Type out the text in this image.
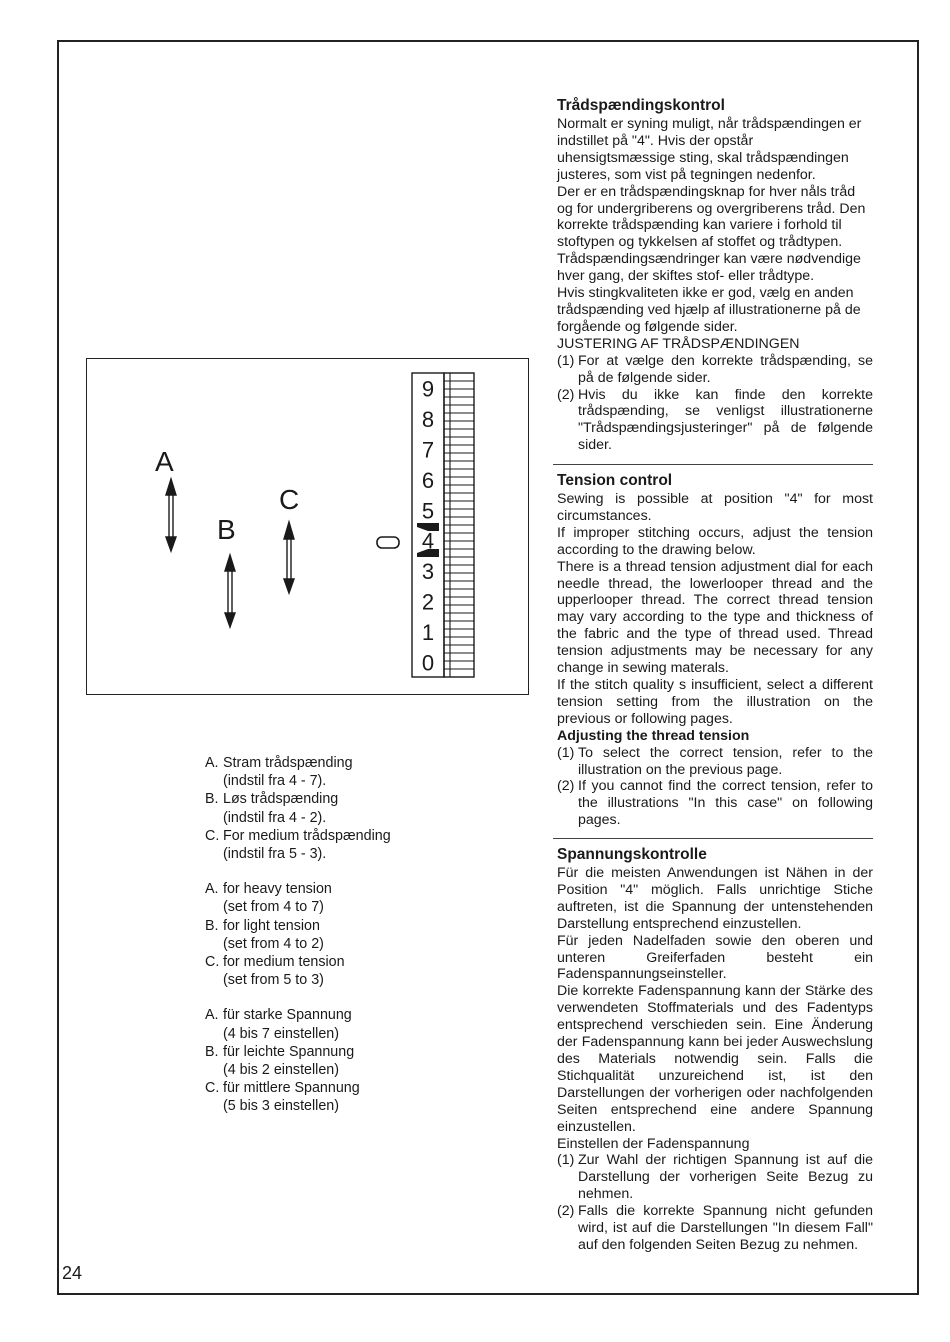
24
A
B
C
9
8
7
6
5
4
3
2
1
0
A. Stram trådspænding
(indstil fra 4 - 7).
B. Løs trådspænding
(indstil fra 4 - 2).
C. For medium trådspænding
(indstil fra 5 - 3).
A. for heavy tension
(set from 4 to 7)
B. for light tension
(set from 4 to 2)
C. for medium tension
(set from 5 to 3)
A. für starke Spannung
(4 bis 7 einstellen)
B. für leichte Spannung
(4 bis 2 einstellen)
C. für mittlere Spannung
(5 bis 3 einstellen)
Trådspændingskontrol

Normalt er syning muligt, når trådspændingen er indstillet på "4". Hvis der opstår uhensigtsmæssige sting, skal trådspændingen justeres, som vist på tegningen nedenfor.

Der er en trådspændingsknap for hver nåls tråd og for undergriberens og overgriberens tråd. Den korrekte trådspænding kan variere i forhold til stoftypen og tykkelsen af stoffet og trådtypen. Trådspændingsændringer kan være nødvendige hver gang, der skiftes stof- eller trådtype.

Hvis stingkvaliteten ikke er god, vælg en anden trådspænding ved hjælp af illustrationerne på de forgående og følgende sider.

JUSTERING AF TRÅDSPÆNDINGEN

(1) For at vælge den korrekte trådspænding, se på de følgende sider.
(2) Hvis du ikke kan finde den korrekte trådspænding, se venligst illustrationerne "Trådspændingsjusteringer" på de følgende sider.
Tension control

Sewing is possible at position "4" for most circumstances.

If improper stitching occurs, adjust the tension according to the drawing below.

There is a thread tension adjustment dial for each needle thread, the lowerlooper thread and the upperlooper thread. The correct thread tension may vary according to the type and thickness of the fabric and the type of thread used. Thread tension adjustments may be necessary for any change in sewing materals.

If the stitch quality s insufficient, select a different tension setting from the illustration on the previous or following pages.

Adjusting the thread tension

(1) To select the correct tension, refer to the illustration on the previous page.
(2) If you cannot find the correct tension, refer to the illustrations "In this case" on following pages.
Spannungskontrolle

Für die meisten Anwendungen ist Nähen in der Position "4" möglich. Falls unrichtige Stiche auftreten, ist die Spannung der untenstehenden Darstellung entsprechend einzustellen.

Für jeden Nadelfaden sowie den oberen und unteren Greiferfaden besteht ein Fadenspannungseinsteller.

Die korrekte Fadenspannung kann der Stärke des verwendeten Stoffmaterials und des Fadentyps entsprechend verschieden sein. Eine Änderung der Fadenspannung kann bei jeder Auswechslung des Materials notwendig sein. Falls die Stichqualität unzureichend ist, ist den Darstellungen der vorherigen oder nachfolgenden Seiten entsprechend eine andere Spannung einzustellen.

Einstellen der Fadenspannung

(1) Zur Wahl der richtigen Spannung ist auf die Darstellung der vorherigen Seite Bezug zu nehmen.
(2) Falls die korrekte Spannung nicht gefunden wird, ist auf die Darstellungen "In diesem Fall" auf den folgenden Seiten Bezug zu nehmen.
